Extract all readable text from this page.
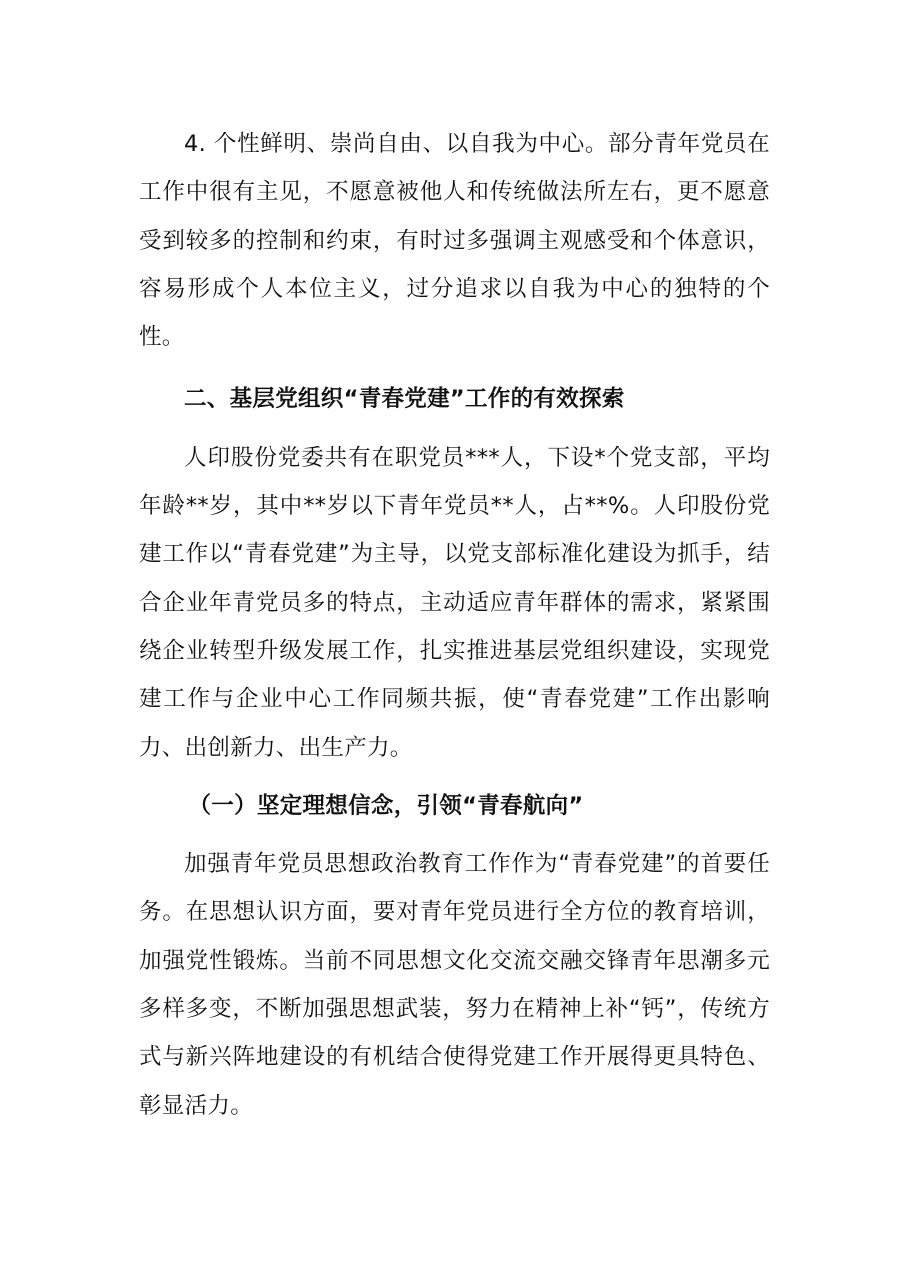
4. 个性鲜明、崇尚自由、以自我为中心。部分青年党员在工作中很有主见，不愿意被他人和传统做法所左右，更不愿意受到较多的控制和约束，有时过多强调主观感受和个体意识，容易形成个人本位主义，过分追求以自我为中心的独特的个性。

二、基层党组织“青春党建”工作的有效探索

人印股份党委共有在职党员***人，下设*个党支部，平均年龄**岁，其中**岁以下青年党员**人，占**%。人印股份党建工作以“青春党建”为主导，以党支部标准化建设为抓手，结合企业年青党员多的特点，主动适应青年群体的需求，紧紧围绕企业转型升级发展工作，扎实推进基层党组织建设，实现党建工作与企业中心工作同频共振，使“青春党建”工作出影响力、出创新力、出生产力。

（一）坚定理想信念，引领“青春航向”

加强青年党员思想政治教育工作作为“青春党建”的首要任务。在思想认识方面，要对青年党员进行全方位的教育培训，加强党性锻炼。当前不同思想文化交流交融交锋青年思潮多元多样多变，不断加强思想武装，努力在精神上补“钙”，传统方式与新兴阵地建设的有机结合使得党建工作开展得更具特色、彰显活力。
